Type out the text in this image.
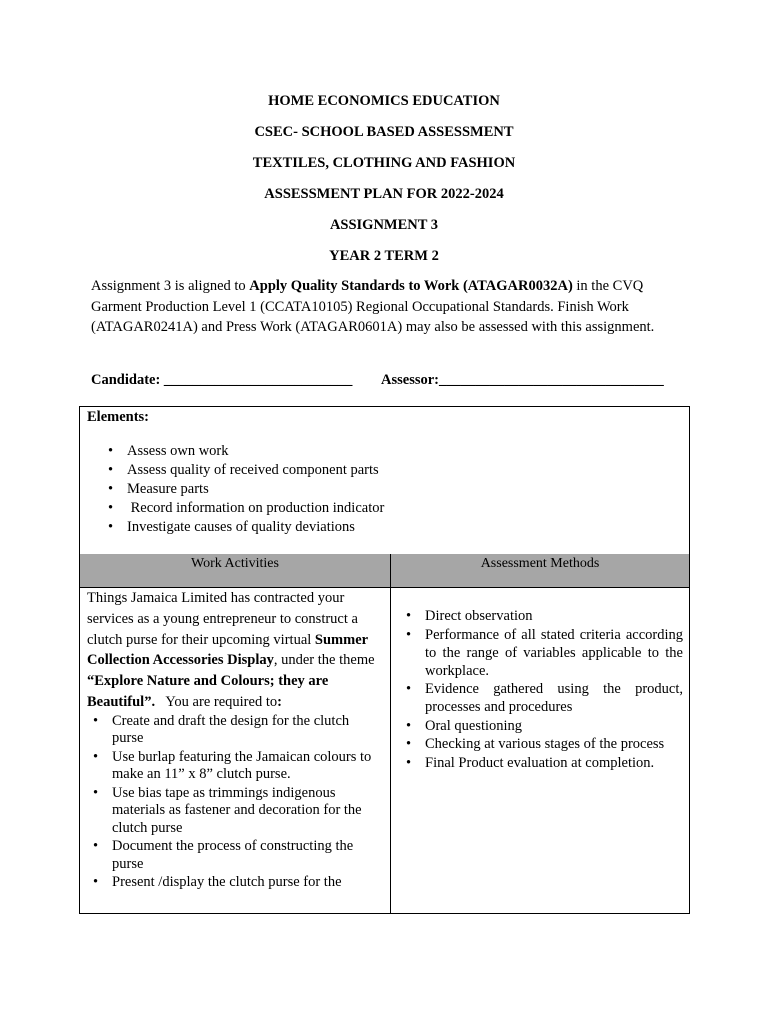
HOME ECONOMICS EDUCATION
CSEC- SCHOOL BASED ASSESSMENT
TEXTILES, CLOTHING AND FASHION
ASSESSMENT PLAN FOR 2022-2024
ASSIGNMENT 3
YEAR 2 TERM 2
Assignment 3 is aligned to Apply Quality Standards to Work (ATAGAR0032A) in the CVQ Garment Production Level 1 (CCATA10105) Regional Occupational Standards. Finish Work (ATAGAR0241A) and Press Work (ATAGAR0601A) may also be assessed with this assignment.
Candidate: __________________________ Assessor:_______________________________
Elements:
• Assess own work
• Assess quality of received component parts
• Measure parts
•  Record information on production indicator
• Investigate causes of quality deviations
Work Activities	Assessment Methods
Things Jamaica Limited has contracted your services as a young entrepreneur to construct a clutch purse for their upcoming virtual Summer Collection Accessories Display, under the theme “Explore Nature and Colours; they are Beautiful”.   You are required to:
• Create and draft the design for the clutch purse
• Use burlap featuring the Jamaican colours to make an 11” x 8” clutch purse.
• Use bias tape as trimmings indigenous materials as fastener and decoration for the clutch purse
• Document the process of constructing the purse
• Present /display the clutch purse for the
• Direct observation
• Performance of all stated criteria according to the range of variables applicable to the workplace.
• Evidence gathered using the product, processes and procedures
• Oral questioning
• Checking at various stages of the process
• Final Product evaluation at completion.
